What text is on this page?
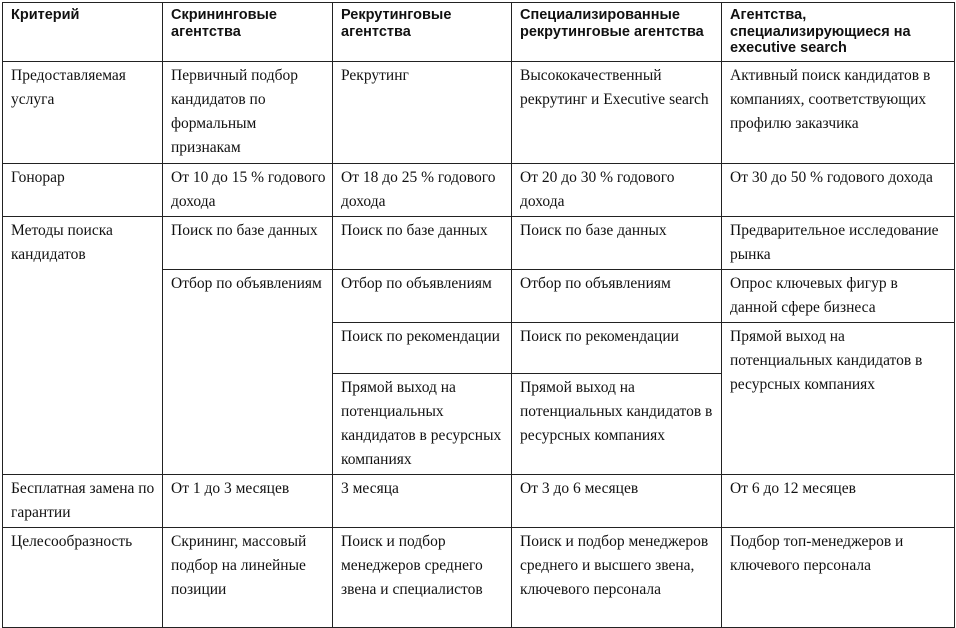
Критерий	Скрининговые агентства	Рекрутинговые агентства	Специализированные рекрутинговые агентства	Агентства, специализирующиеся на executive search
Предоставляемая услуга	Первичный подбор кандидатов по формальным признакам	Рекрутинг	Высококачественный рекрутинг и Executive search	Активный поиск кандидатов в компаниях, соответствующих профилю заказчика
Гонорар	От 10 до 15 % годового дохода	От 18 до 25 % годового дохода	От 20 до 30 % годового дохода	От 30 до 50 % годового дохода
Методы поиска кандидатов	Поиск по базе данных	Поиск по базе данных	Поиск по базе данных	Предварительное исследование рынка
	Отбор по объявлениям	Отбор по объявлениям	Отбор по объявлениям	Опрос ключевых фигур в данной сфере бизнеса
		Поиск по рекомендации	Поиск по рекомендации	Прямой выход на потенциальных кандидатов в ресурсных компаниях
		Прямой выход на потенциальных кандидатов в ресурсных компаниях	Прямой выход на потенциальных кандидатов в ресурсных компаниях	
Бесплатная замена по гарантии	От 1 до 3 месяцев	3 месяца	От 3 до 6 месяцев	От 6 до 12 месяцев
Целесообразность	Скрининг, массовый подбор на линейные позиции	Поиск и подбор менеджеров среднего звена и специалистов	Поиск и подбор менеджеров среднего и высшего звена, ключевого персонала	Подбор топ-менеджеров и ключевого персонала
